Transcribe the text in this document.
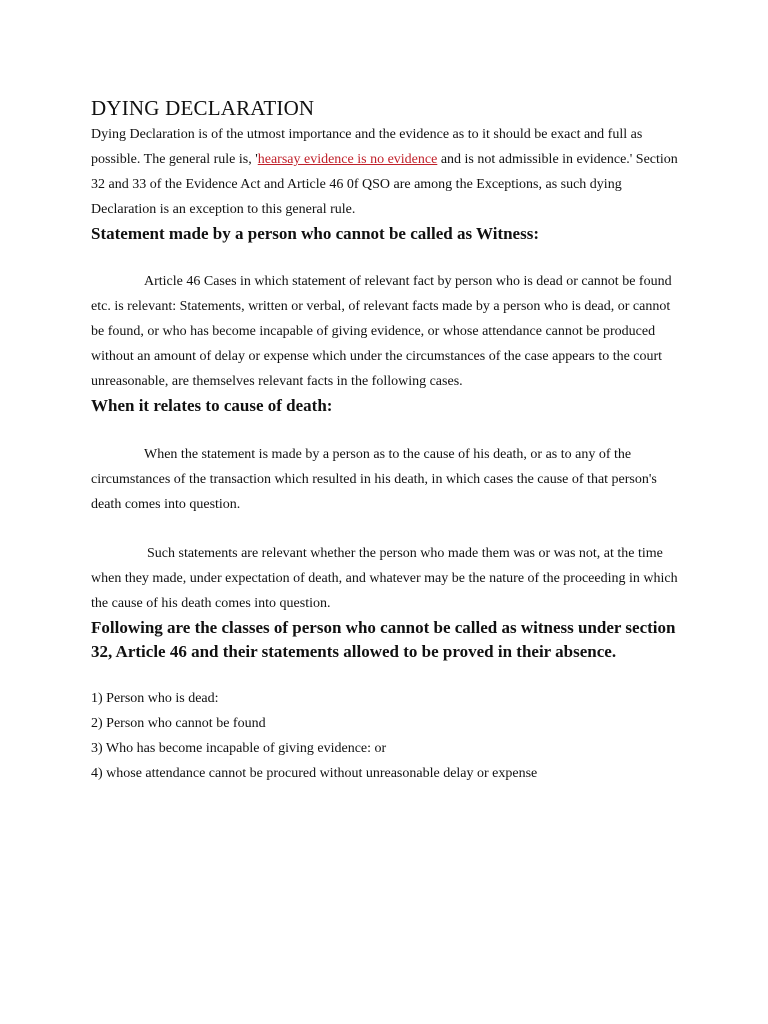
DYING DECLARATION

Dying Declaration is of the utmost importance and the evidence as to it should be exact and full as possible. The general rule is, 'hearsay evidence is no evidence and is not admissible in evidence.' Section 32 and 33 of the Evidence Act and Article 46 0f QSO are among the Exceptions, as such dying Declaration is an exception to this general rule.

Statement made by a person who cannot be called as Witness:

Article 46 Cases in which statement of relevant fact by person who is dead or cannot be found etc. is relevant: Statements, written or verbal, of relevant facts made by a person who is dead, or cannot be found, or who has become incapable of giving evidence, or whose attendance cannot be produced without an amount of delay or expense which under the circumstances of the case appears to the court unreasonable, are themselves relevant facts in the following cases.

When it relates to cause of death:

When the statement is made by a person as to the cause of his death, or as to any of the circumstances of the transaction which resulted in his death, in which cases the cause of that person's death comes into question.

Such statements are relevant whether the person who made them was or was not, at the time when they made, under expectation of death, and whatever may be the nature of the proceeding in which the cause of his death comes into question.

Following are the classes of person who cannot be called as witness under section 32, Article 46 and their statements allowed to be proved in their absence.
1) Person who is dead:
2) Person who cannot be found
3) Who has become incapable of giving evidence: or
4) whose attendance cannot be procured without unreasonable delay or expense
